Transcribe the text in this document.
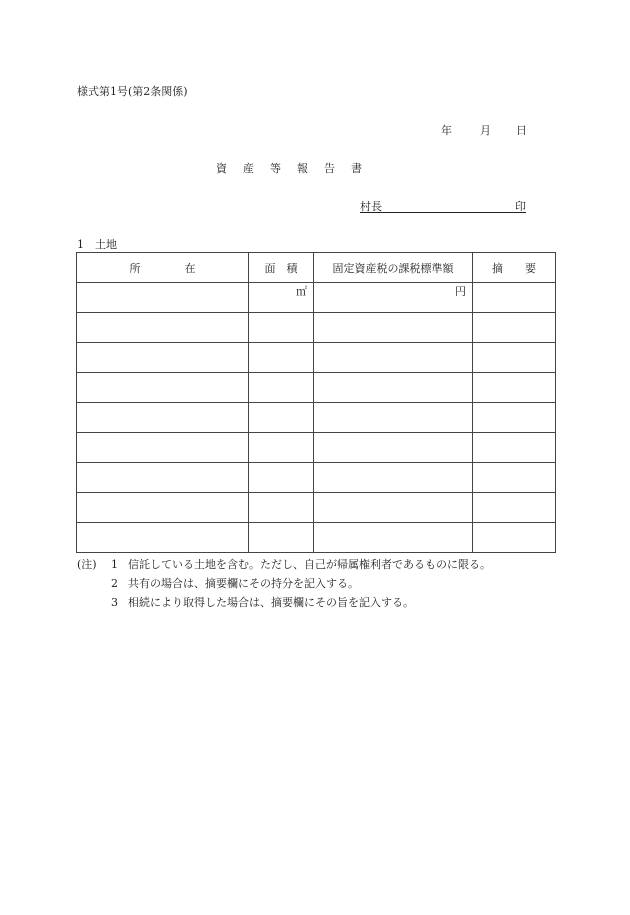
様式第1号(第2条関係)
年	月 日
資 産 等 報 告 書
村長	印
1　土地
所　　　　在	面　積	固定資産税の課税標準額	摘　　要
	㎡	円	

(注) 1 信託している土地を含む。ただし、自己が帰属権利者であるものに限る。
2 共有の場合は、摘要欄にその持分を記入する。
3 相続により取得した場合は、摘要欄にその旨を記入する。
